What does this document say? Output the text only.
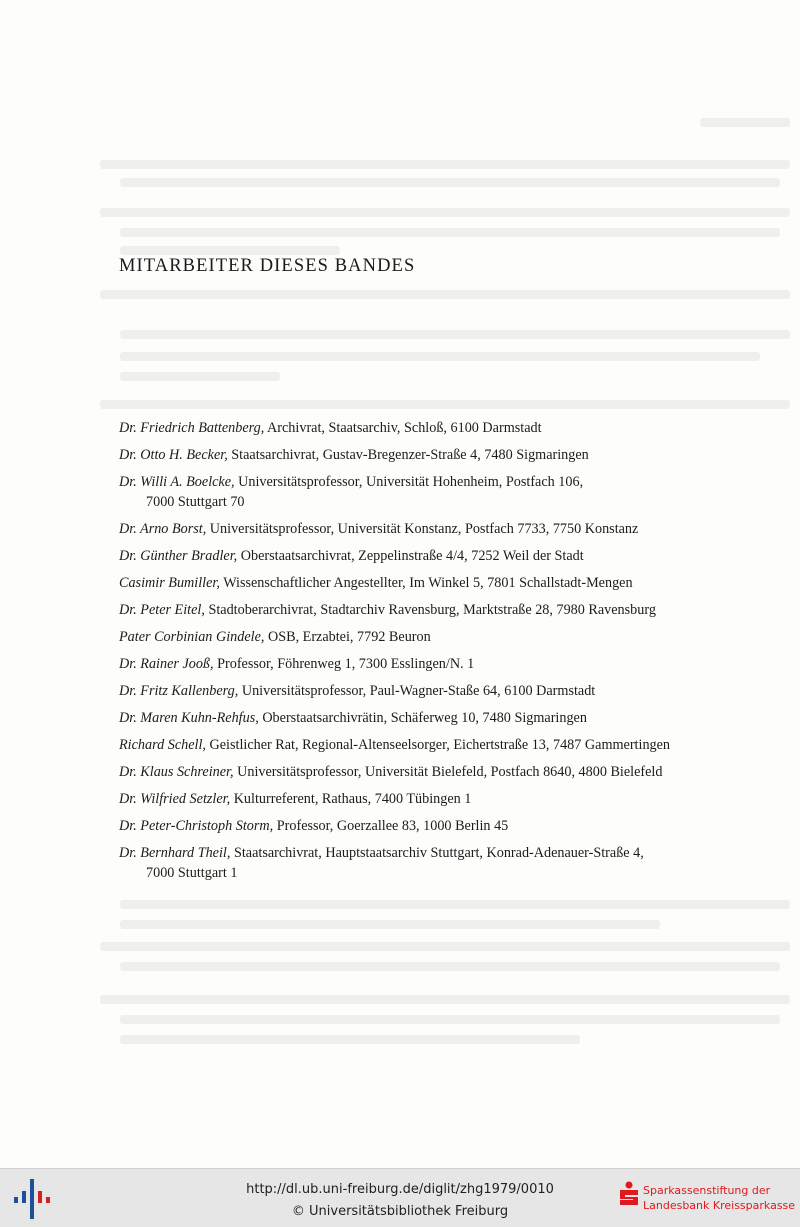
MITARBEITER DIESES BANDES
Dr. Friedrich Battenberg, Archivrat, Staatsarchiv, Schloß, 6100 Darmstadt
Dr. Otto H. Becker, Staatsarchivrat, Gustav-Bregenzer-Straße 4, 7480 Sigmaringen
Dr. Willi A. Boelcke, Universitätsprofessor, Universität Hohenheim, Postfach 106,
7000 Stuttgart 70
Dr. Arno Borst, Universitätsprofessor, Universität Konstanz, Postfach 7733, 7750 Konstanz
Dr. Günther Bradler, Oberstaatsarchivrat, Zeppelinstraße 4/4, 7252 Weil der Stadt
Casimir Bumiller, Wissenschaftlicher Angestellter, Im Winkel 5, 7801 Schallstadt-Mengen
Dr. Peter Eitel, Stadtoberarchivrat, Stadtarchiv Ravensburg, Marktstraße 28, 7980 Ravensburg
Pater Corbinian Gindele, OSB, Erzabtei, 7792 Beuron
Dr. Rainer Jooß, Professor, Föhrenweg 1, 7300 Esslingen/N. 1
Dr. Fritz Kallenberg, Universitätsprofessor, Paul-Wagner-Staße 64, 6100 Darmstadt
Dr. Maren Kuhn-Rehfus, Oberstaatsarchivrätin, Schäferweg 10, 7480 Sigmaringen
Richard Schell, Geistlicher Rat, Regional-Altenseelsorger, Eichertstraße 13, 7487 Gammertingen
Dr. Klaus Schreiner, Universitätsprofessor, Universität Bielefeld, Postfach 8640, 4800 Bielefeld
Dr. Wilfried Setzler, Kulturreferent, Rathaus, 7400 Tübingen 1
Dr. Peter-Christoph Storm, Professor, Goerzallee 83, 1000 Berlin 45
Dr. Bernhard Theil, Staatsarchivrat, Hauptstaatsarchiv Stuttgart, Konrad-Adenauer-Straße 4,
7000 Stuttgart 1
http://dl.ub.uni-freiburg.de/diglit/zhg1979/0010
© Universitätsbibliothek Freiburg
Sparkassenstiftung der
Landesbank Kreissparkasse
